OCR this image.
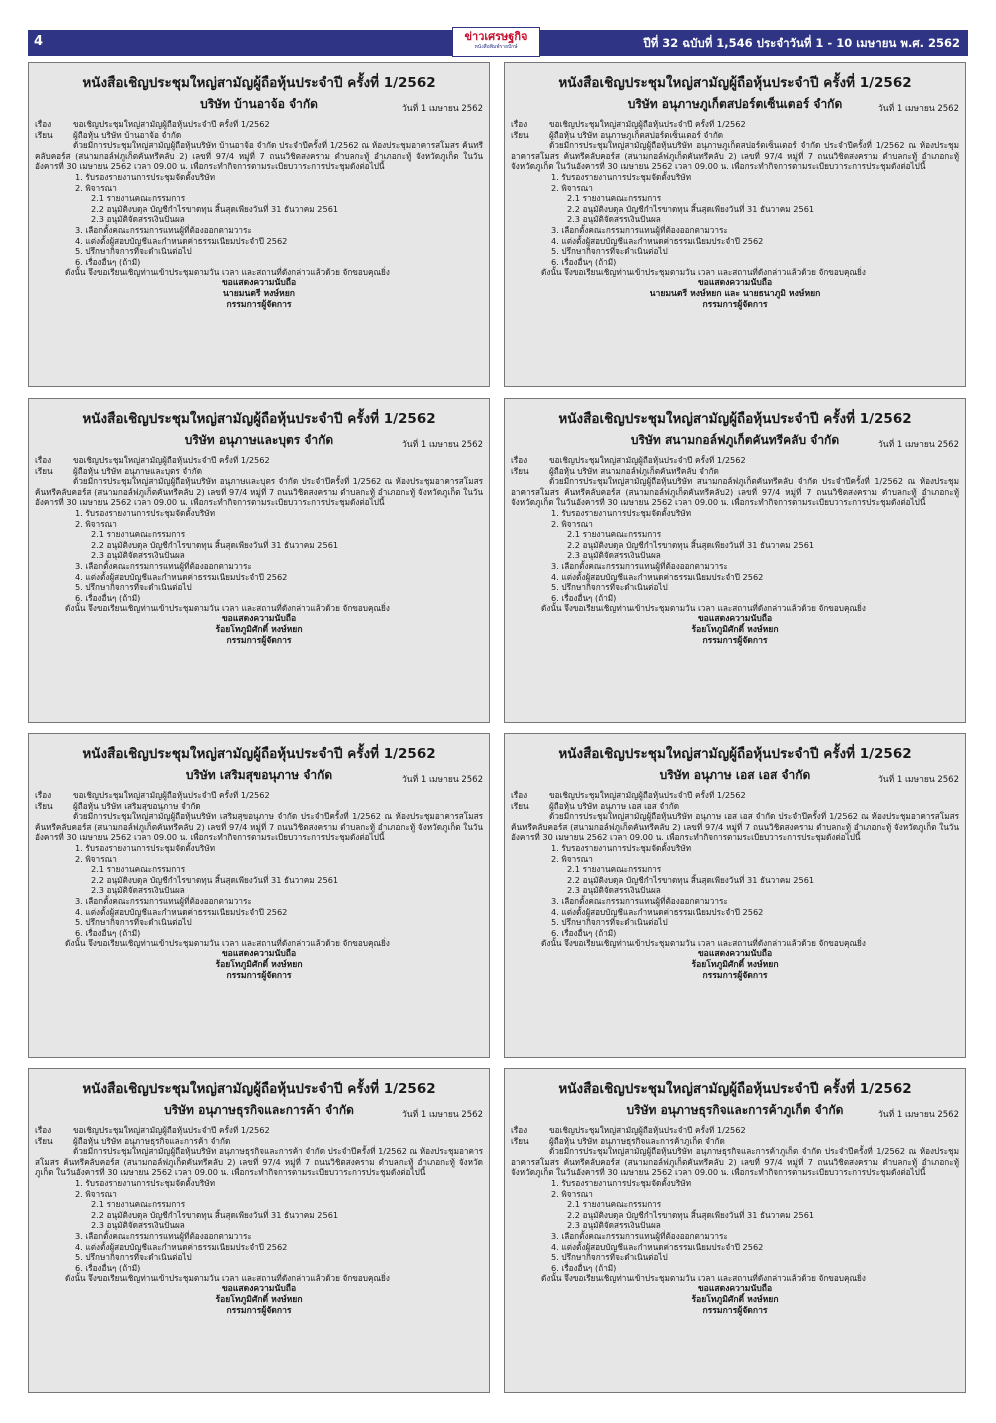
4	ข่าวเศรษฐกิจ
หนังสือพิมพ์รายปักษ์	ปีที่ 32 ฉบับที่ 1,546 ประจำวันที่ 1 - 10 เมษายน พ.ศ. 2562
หนังสือเชิญประชุมใหญ่สามัญผู้ถือหุ้นประจำปี ครั้งที่ 1/2562
บริษัท บ้านอาจ้อ จำกัด	วันที่ 1 เมษายน 2562
เรื่อง	ขอเชิญประชุมใหญ่สามัญผู้ถือหุ้นประจำปี ครั้งที่ 1/2562
เรียน ผู้ถือหุ้น บริษัท บ้านอาจ้อ จำกัด
ด้วยมีการประชุมใหญ่สามัญผู้ถือหุ้นบริษัท บ้านอาจ้อ จำกัด ประจำปีครั้งที่ 1/2562 ณ ห้องประชุมอาคารสโมสร ค้นทรีคลับคอร์ส (สนามกอล์ฟภูเก็ตคันทรีคลับ 2) เลขที่ 97/4 หมู่ที่ 7 ถนนวิชิตสงคราม ตำบลกะทู้ อำเภอกะทู้ จังหวัดภูเก็ต ในวันอังคารที่ 30 เมษายน 2562 เวลา 09.00 น. เพื่อกระทำกิจการตามระเบียบวาระการประชุมดังต่อไปนี้
1. รับรองรายงานการประชุมจัดตั้งบริษัท
2. พิจารณา
2.1 รายงานคณะกรรมการ
2.2 อนุมัติงบดุล บัญชีกำไรขาดทุน สิ้นสุดเพียงวันที่ 31 ธันวาคม 2561
2.3 อนุมัติจัดสรรเงินปันผล
3. เลือกตั้งคณะกรรมการแทนผู้ที่ต้องออกตามวาระ
4. แต่งตั้งผู้สอบบัญชีและกำหนดค่าธรรมเนียมประจำปี 2562
5. ปรึกษากิจการที่จะดำเนินต่อไป
6. เรื่องอื่นๆ (ถ้ามี)
ดังนั้น จึงขอเรียนเชิญท่านเข้าประชุมตามวัน เวลา และสถานที่ดังกล่าวแล้วด้วย จักขอบคุณยิ่ง
ขอแสดงความนับถือ
นายมนตรี หงษ์หยก
กรรมการผู้จัดการ
หนังสือเชิญประชุมใหญ่สามัญผู้ถือหุ้นประจำปี ครั้งที่ 1/2562
บริษัท อนุภาษภูเก็ตสปอร์ตเซ็นเตอร์ จำกัด	วันที่ 1 เมษายน 2562
เรื่อง	ขอเชิญประชุมใหญ่สามัญผู้ถือหุ้นประจำปี ครั้งที่ 1/2562
เรียน ผู้ถือหุ้น บริษัท อนุภาษภูเก็ตสปอร์ตเซ็นเตอร์ จำกัด
ด้วยมีการประชุมใหญ่สามัญผู้ถือหุ้นบริษัท อนุภาษภูเก็ตสปอร์ตเซ็นเตอร์ จำกัด ประจำปีครั้งที่ 1/2562 ณ ห้องประชุมอาคารสโมสร ค้นทรีคลับคอร์ส (สนามกอล์ฟภูเก็ตคันทรีคลับ 2) เลขที่ 97/4 หมู่ที่ 7 ถนนวิชิตสงคราม ตำบลกะทู้ อำเภอกะทู้ จังหวัดภูเก็ต ในวันอังคารที่ 30 เมษายน 2562 เวลา 09.00 น. เพื่อกระทำกิจการตามระเบียบวาระการประชุมดังต่อไปนี้
1. รับรองรายงานการประชุมจัดตั้งบริษัท
2. พิจารณา
2.1 รายงานคณะกรรมการ
2.2 อนุมัติงบดุล บัญชีกำไรขาดทุน สิ้นสุดเพียงวันที่ 31 ธันวาคม 2561
2.3 อนุมัติจัดสรรเงินปันผล
3. เลือกตั้งคณะกรรมการแทนผู้ที่ต้องออกตามวาระ
4. แต่งตั้งผู้สอบบัญชีและกำหนดค่าธรรมเนียมประจำปี 2562
5. ปรึกษากิจการที่จะดำเนินต่อไป
6. เรื่องอื่นๆ (ถ้ามี)
ดังนั้น จึงขอเรียนเชิญท่านเข้าประชุมตามวัน เวลา และสถานที่ดังกล่าวแล้วด้วย จักขอบคุณยิ่ง
ขอแสดงความนับถือ
นายมนตรี หงษ์หยก และ นายธนาภูมิ หงษ์หยก
กรรมการผู้จัดการ
หนังสือเชิญประชุมใหญ่สามัญผู้ถือหุ้นประจำปี ครั้งที่ 1/2562
บริษัท อนุภาษและบุตร จำกัด	วันที่ 1 เมษายน 2562
เรื่อง	ขอเชิญประชุมใหญ่สามัญผู้ถือหุ้นประจำปี ครั้งที่ 1/2562
เรียน ผู้ถือหุ้น บริษัท อนุภาษและบุตร จำกัด
ด้วยมีการประชุมใหญ่สามัญผู้ถือหุ้นบริษัท อนุภาษและบุตร จำกัด ประจำปีครั้งที่ 1/2562 ณ ห้องประชุมอาคารสโมสร ค้นทรีคลับคอร์ส (สนามกอล์ฟภูเก็ตคันทรีคลับ 2) เลขที่ 97/4 หมู่ที่ 7 ถนนวิชิตสงคราม ตำบลกะทู้ อำเภอกะทู้ จังหวัดภูเก็ต ในวันอังคารที่ 30 เมษายน 2562 เวลา 09.00 น. เพื่อกระทำกิจการตามระเบียบวาระการประชุมดังต่อไปนี้
1. รับรองรายงานการประชุมจัดตั้งบริษัท
2. พิจารณา
2.1 รายงานคณะกรรมการ
2.2 อนุมัติงบดุล บัญชีกำไรขาดทุน สิ้นสุดเพียงวันที่ 31 ธันวาคม 2561
2.3 อนุมัติจัดสรรเงินปันผล
3. เลือกตั้งคณะกรรมการแทนผู้ที่ต้องออกตามวาระ
4. แต่งตั้งผู้สอบบัญชีและกำหนดค่าธรรมเนียมประจำปี 2562
5. ปรึกษากิจการที่จะดำเนินต่อไป
6. เรื่องอื่นๆ (ถ้ามี)
ดังนั้น จึงขอเรียนเชิญท่านเข้าประชุมตามวัน เวลา และสถานที่ดังกล่าวแล้วด้วย จักขอบคุณยิ่ง
ขอแสดงความนับถือ
ร้อยโทภูมิศักดิ์ หงษ์หยก
กรรมการผู้จัดการ
หนังสือเชิญประชุมใหญ่สามัญผู้ถือหุ้นประจำปี ครั้งที่ 1/2562
บริษัท สนามกอล์ฟภูเก็ตคันทรีคลับ จำกัด	วันที่ 1 เมษายน 2562
เรื่อง	ขอเชิญประชุมใหญ่สามัญผู้ถือหุ้นประจำปี ครั้งที่ 1/2562
เรียน ผู้ถือหุ้น บริษัท สนามกอล์ฟภูเก็ตคันทรีคลับ จำกัด
ด้วยมีการประชุมใหญ่สามัญผู้ถือหุ้นบริษัท สนามกอล์ฟภูเก็ตคันทรีคลับ จำกัด ประจำปีครั้งที่ 1/2562 ณ ห้องประชุมอาคารสโมสร ค้นทรีคลับคอร์ส (สนามกอล์ฟภูเก็ตคันทรีคลับ2) เลขที่ 97/4 หมู่ที่ 7 ถนนวิชิตสงคราม ตำบลกะทู้ อำเภอกะทู้ จังหวัดภูเก็ต ในวันอังคารที่ 30 เมษายน 2562 เวลา 09.00 น. เพื่อกระทำกิจการตามระเบียบวาระการประชุมดังต่อไปนี้
1. รับรองรายงานการประชุมจัดตั้งบริษัท
2. พิจารณา
2.1 รายงานคณะกรรมการ
2.2 อนุมัติงบดุล บัญชีกำไรขาดทุน สิ้นสุดเพียงวันที่ 31 ธันวาคม 2561
2.3 อนุมัติจัดสรรเงินปันผล
3. เลือกตั้งคณะกรรมการแทนผู้ที่ต้องออกตามวาระ
4. แต่งตั้งผู้สอบบัญชีและกำหนดค่าธรรมเนียมประจำปี 2562
5. ปรึกษากิจการที่จะดำเนินต่อไป
6. เรื่องอื่นๆ (ถ้ามี)
ดังนั้น จึงขอเรียนเชิญท่านเข้าประชุมตามวัน เวลา และสถานที่ดังกล่าวแล้วด้วย จักขอบคุณยิ่ง
ขอแสดงความนับถือ
ร้อยโทภูมิศักดิ์ หงษ์หยก
กรรมการผู้จัดการ
หนังสือเชิญประชุมใหญ่สามัญผู้ถือหุ้นประจำปี ครั้งที่ 1/2562
บริษัท เสริมสุขอนุภาษ จำกัด	วันที่ 1 เมษายน 2562
เรื่อง	ขอเชิญประชุมใหญ่สามัญผู้ถือหุ้นประจำปี ครั้งที่ 1/2562
เรียน ผู้ถือหุ้น บริษัท เสริมสุขอนุภาษ จำกัด
ด้วยมีการประชุมใหญ่สามัญผู้ถือหุ้นบริษัท เสริมสุขอนุภาษ จำกัด ประจำปีครั้งที่ 1/2562 ณ ห้องประชุมอาคารสโมสร ค้นทรีคลับคอร์ส (สนามกอล์ฟภูเก็ตคันทรีคลับ 2) เลขที่ 97/4 หมู่ที่ 7 ถนนวิชิตสงคราม ตำบลกะทู้ อำเภอกะทู้ จังหวัดภูเก็ต ในวันอังคารที่ 30 เมษายน 2562 เวลา 09.00 น. เพื่อกระทำกิจการตามระเบียบวาระการประชุมดังต่อไปนี้
1. รับรองรายงานการประชุมจัดตั้งบริษัท
2. พิจารณา
2.1 รายงานคณะกรรมการ
2.2 อนุมัติงบดุล บัญชีกำไรขาดทุน สิ้นสุดเพียงวันที่ 31 ธันวาคม 2561
2.3 อนุมัติจัดสรรเงินปันผล
3. เลือกตั้งคณะกรรมการแทนผู้ที่ต้องออกตามวาระ
4. แต่งตั้งผู้สอบบัญชีและกำหนดค่าธรรมเนียมประจำปี 2562
5. ปรึกษากิจการที่จะดำเนินต่อไป
6. เรื่องอื่นๆ (ถ้ามี)
ดังนั้น จึงขอเรียนเชิญท่านเข้าประชุมตามวัน เวลา และสถานที่ดังกล่าวแล้วด้วย จักขอบคุณยิ่ง
ขอแสดงความนับถือ
ร้อยโทภูมิศักดิ์ หงษ์หยก
กรรมการผู้จัดการ
หนังสือเชิญประชุมใหญ่สามัญผู้ถือหุ้นประจำปี ครั้งที่ 1/2562
บริษัท อนุภาษ เอส เอส จำกัด	วันที่ 1 เมษายน 2562
เรื่อง	ขอเชิญประชุมใหญ่สามัญผู้ถือหุ้นประจำปี ครั้งที่ 1/2562
เรียน ผู้ถือหุ้น บริษัท อนุภาษ เอส เอส จำกัด
ด้วยมีการประชุมใหญ่สามัญผู้ถือหุ้นบริษัท อนุภาษ เอส เอส จำกัด ประจำปีครั้งที่ 1/2562 ณ ห้องประชุมอาคารสโมสร ค้นทรีคลับคอร์ส (สนามกอล์ฟภูเก็ตคันทรีคลับ 2) เลขที่ 97/4 หมู่ที่ 7 ถนนวิชิตสงคราม ตำบลกะทู้ อำเภอกะทู้ จังหวัดภูเก็ต ในวันอังคารที่ 30 เมษายน 2562 เวลา 09.00 น. เพื่อกระทำกิจการตามระเบียบวาระการประชุมดังต่อไปนี้
1. รับรองรายงานการประชุมจัดตั้งบริษัท
2. พิจารณา
2.1 รายงานคณะกรรมการ
2.2 อนุมัติงบดุล บัญชีกำไรขาดทุน สิ้นสุดเพียงวันที่ 31 ธันวาคม 2561
2.3 อนุมัติจัดสรรเงินปันผล
3. เลือกตั้งคณะกรรมการแทนผู้ที่ต้องออกตามวาระ
4. แต่งตั้งผู้สอบบัญชีและกำหนดค่าธรรมเนียมประจำปี 2562
5. ปรึกษากิจการที่จะดำเนินต่อไป
6. เรื่องอื่นๆ (ถ้ามี)
ดังนั้น จึงขอเรียนเชิญท่านเข้าประชุมตามวัน เวลา และสถานที่ดังกล่าวแล้วด้วย จักขอบคุณยิ่ง
ขอแสดงความนับถือ
ร้อยโทภูมิศักดิ์ หงษ์หยก
กรรมการผู้จัดการ
หนังสือเชิญประชุมใหญ่สามัญผู้ถือหุ้นประจำปี ครั้งที่ 1/2562
บริษัท อนุภาษธุรกิจและการค้า จำกัด	วันที่ 1 เมษายน 2562
เรื่อง	ขอเชิญประชุมใหญ่สามัญผู้ถือหุ้นประจำปี ครั้งที่ 1/2562
เรียน ผู้ถือหุ้น บริษัท อนุภาษธุรกิจและการค้า จำกัด
ด้วยมีการประชุมใหญ่สามัญผู้ถือหุ้นบริษัท อนุภาษธุรกิจและการค้า จำกัด ประจำปีครั้งที่ 1/2562 ณ ห้องประชุมอาคารสโมสร ค้นทรีคลับคอร์ส (สนามกอล์ฟภูเก็ตคันทรีคลับ 2) เลขที่ 97/4 หมู่ที่ 7 ถนนวิชิตสงคราม ตำบลกะทู้ อำเภอกะทู้ จังหวัดภูเก็ต ในวันอังคารที่ 30 เมษายน 2562 เวลา 09.00 น. เพื่อกระทำกิจการตามระเบียบวาระการประชุมดังต่อไปนี้
1. รับรองรายงานการประชุมจัดตั้งบริษัท
2. พิจารณา
2.1 รายงานคณะกรรมการ
2.2 อนุมัติงบดุล บัญชีกำไรขาดทุน สิ้นสุดเพียงวันที่ 31 ธันวาคม 2561
2.3 อนุมัติจัดสรรเงินปันผล
3. เลือกตั้งคณะกรรมการแทนผู้ที่ต้องออกตามวาระ
4. แต่งตั้งผู้สอบบัญชีและกำหนดค่าธรรมเนียมประจำปี 2562
5. ปรึกษากิจการที่จะดำเนินต่อไป
6. เรื่องอื่นๆ (ถ้ามี)
ดังนั้น จึงขอเรียนเชิญท่านเข้าประชุมตามวัน เวลา และสถานที่ดังกล่าวแล้วด้วย จักขอบคุณยิ่ง
ขอแสดงความนับถือ
ร้อยโทภูมิศักดิ์ หงษ์หยก
กรรมการผู้จัดการ
หนังสือเชิญประชุมใหญ่สามัญผู้ถือหุ้นประจำปี ครั้งที่ 1/2562
บริษัท อนุภาษธุรกิจและการค้าภูเก็ต จำกัด	วันที่ 1 เมษายน 2562
เรื่อง	ขอเชิญประชุมใหญ่สามัญผู้ถือหุ้นประจำปี ครั้งที่ 1/2562
เรียน ผู้ถือหุ้น บริษัท อนุภาษธุรกิจและการค้าภูเก็ต จำกัด
ด้วยมีการประชุมใหญ่สามัญผู้ถือหุ้นบริษัท อนุภาษธุรกิจและการค้าภูเก็ต จำกัด ประจำปีครั้งที่ 1/2562 ณ ห้องประชุมอาคารสโมสร ค้นทรีคลับคอร์ส (สนามกอล์ฟภูเก็ตคันทรีคลับ 2) เลขที่ 97/4 หมู่ที่ 7 ถนนวิชิตสงคราม ตำบลกะทู้ อำเภอกะทู้ จังหวัดภูเก็ต ในวันอังคารที่ 30 เมษายน 2562 เวลา 09.00 น. เพื่อกระทำกิจการตามระเบียบวาระการประชุมดังต่อไปนี้
1. รับรองรายงานการประชุมจัดตั้งบริษัท
2. พิจารณา
2.1 รายงานคณะกรรมการ
2.2 อนุมัติงบดุล บัญชีกำไรขาดทุน สิ้นสุดเพียงวันที่ 31 ธันวาคม 2561
2.3 อนุมัติจัดสรรเงินปันผล
3. เลือกตั้งคณะกรรมการแทนผู้ที่ต้องออกตามวาระ
4. แต่งตั้งผู้สอบบัญชีและกำหนดค่าธรรมเนียมประจำปี 2562
5. ปรึกษากิจการที่จะดำเนินต่อไป
6. เรื่องอื่นๆ (ถ้ามี)
ดังนั้น จึงขอเรียนเชิญท่านเข้าประชุมตามวัน เวลา และสถานที่ดังกล่าวแล้วด้วย จักขอบคุณยิ่ง
ขอแสดงความนับถือ
ร้อยโทภูมิศักดิ์ หงษ์หยก
กรรมการผู้จัดการ
